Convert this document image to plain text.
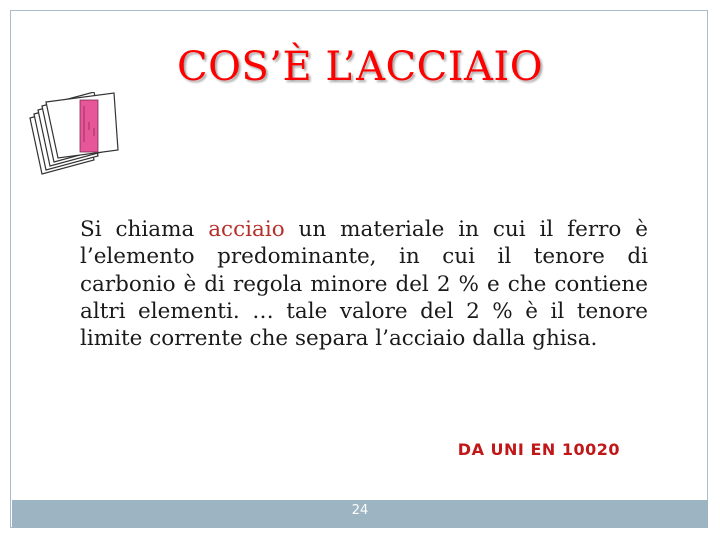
COS’È L’ACCIAIO
Si chiama acciaio un materiale in cui il ferro è l’elemento predominante, in cui il tenore di carbonio è di regola minore del 2 % e che contiene altri elementi. … tale valore del 2 % è il tenore limite corrente che separa l’acciaio dalla ghisa.
DA UNI EN 10020
24
